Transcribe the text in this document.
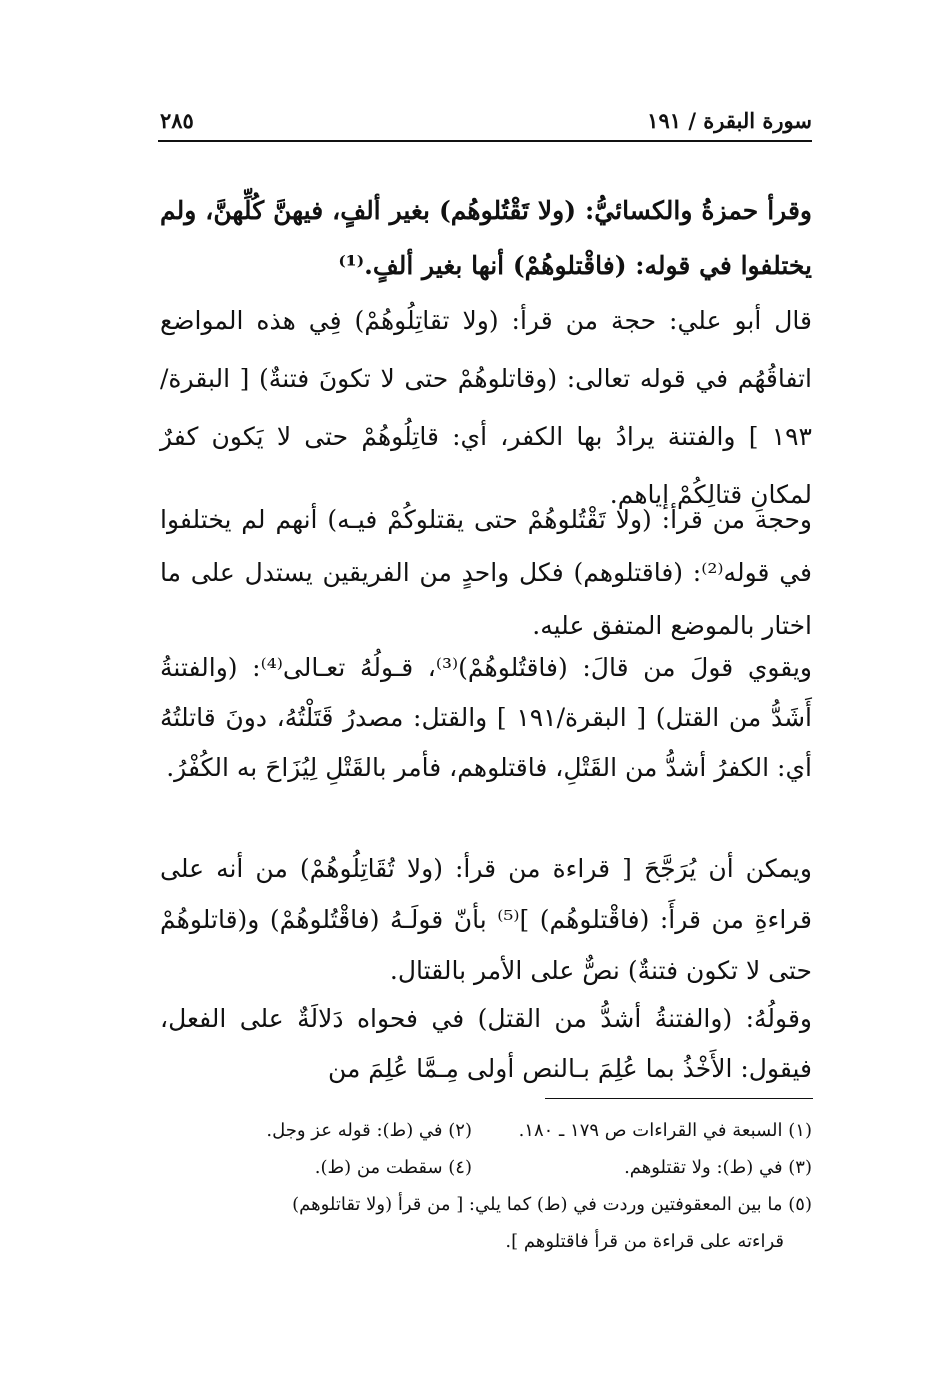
سورة البقرة / ١٩١
٢٨٥
وقرأ حمزةُ والكسائيُّ: (ولا تَقْتُلوهُم) بغير ألفٍ، فيهنَّ كُلِّهنَّ، ولم يختلفوا في قوله: (فاقْتلوهُمْ) أنها بغير ألفٍ.⁽¹⁾
قال أبو علي: حجة من قرأ: (ولا تقاتِلُوهُمْ) فِي هذه المواضع اتفاقُهُم في قوله تعالى: (وقاتلوهُمْ حتى لا تكونَ فتنةٌ) [ البقرة/١٩٣ ] والفتنة يرادُ بها الكفر، أي: قاتِلُوهُمْ حتى لا يَكون كفرٌ لمكانِ قتالِكُمْ إياهم.
وحجة من قرأ: (ولا تَقْتُلوهُمْ حتى يقتلوكُمْ فيـه) أنهم لم يختلفوا في قوله⁽²⁾: (فاقتلوهم) فكل واحدٍ من الفريقين يستدل على ما اختار بالموضع المتفق عليه.
ويقوي قولَ من قالَ: (فاقتُلوهُمْ)⁽³⁾، قـولُهُ تعـالى⁽⁴⁾: (والفتنةُ أَشَدُّ من القتل) [ البقرة/١٩١ ] والقتل: مصدرُ قَتَلْتُهُ، دونَ قاتلتُهُ أي: الكفرُ أشدُّ من القَتْلِ، فاقتلوهم، فأمر بالقَتْلِ لِيُزَاحَ به الكُفْرُ.
ويمكن أن يُرَجَّحَ [ قراءة من قرأ: (ولا تُقَاتِلُوهُمْ) من أنه على قراءةِ من قرأَ: (فاقْتلوهُم) ]⁽⁵⁾ بأنّ قولَـهُ (فاقْتُلوهُمْ) و(قاتلوهُمْ حتى لا تكون فتنةٌ) نصٌّ على الأمر بالقتال.
وقولُهُ: (والفتنةُ أشدُّ من القتل) في فحواه دَلالَةٌ على الفعل، فيقول: الأَخْذُ بما عُلِمَ بـالنص أولى مِـمَّا عُلِمَ من
(١) السبعة في القراءات ص ١٧٩ ـ ١٨٠.
(٢) في (ط): قوله عز وجل.
(٣) في (ط): ولا تقتلوهم.
(٤) سقطت من (ط).
(٥) ما بين المعقوفتين وردت في (ط) كما يلي: [ من قرأ (ولا تقاتلوهم)
قراءته على قراءة من قرأ فاقتلوهم ].
